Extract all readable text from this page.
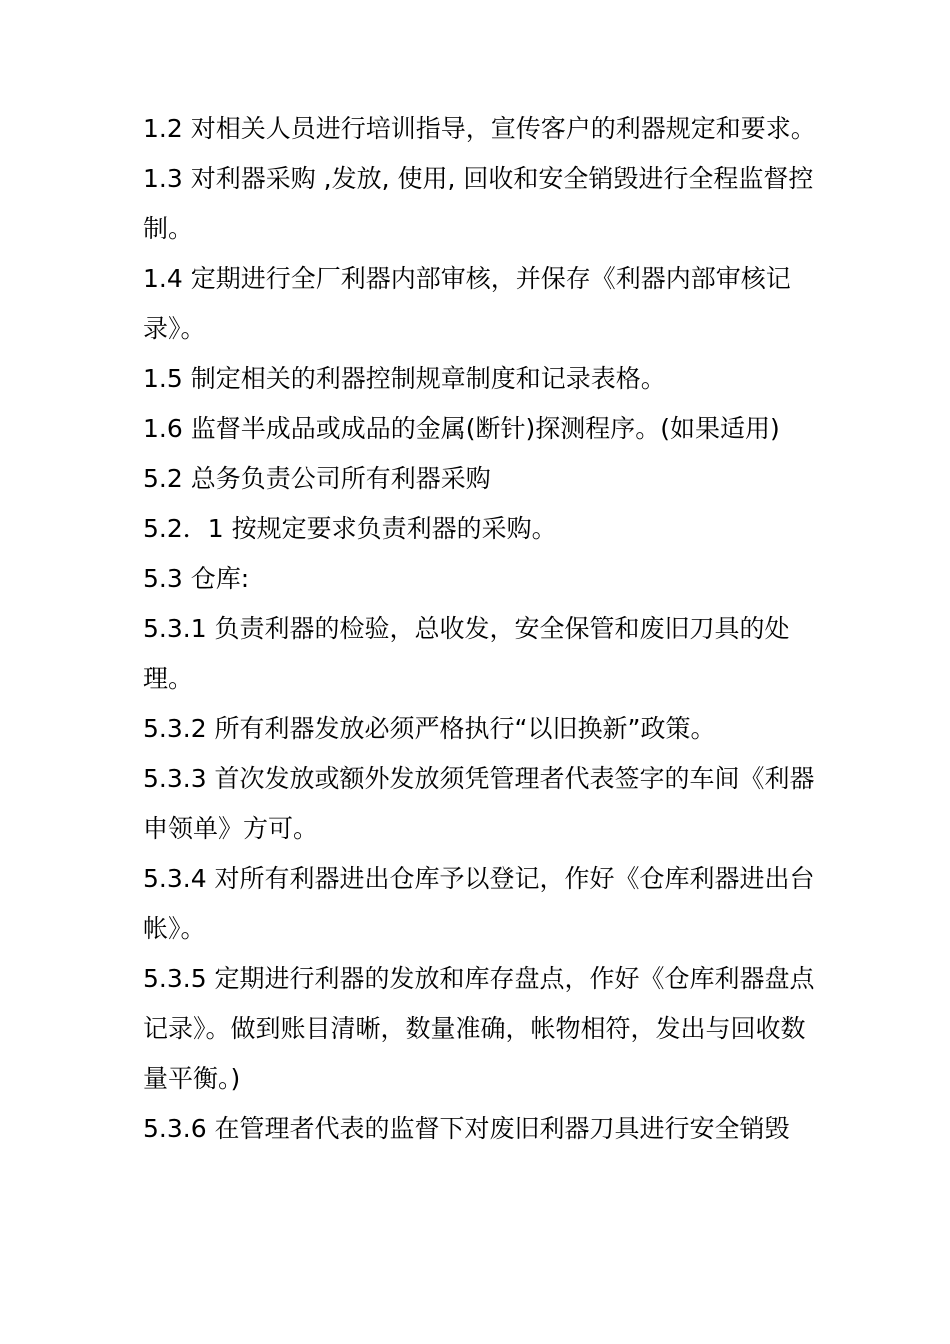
1.2 对相关人员进行培训指导，宣传客户的利器规定和要求。

1.3 对利器采购 ,发放, 使用, 回收和安全销毁进行全程监督控制。

1.4 定期进行全厂利器内部审核，并保存《利器内部审核记录》。

1.5 制定相关的利器控制规章制度和记录表格。

1.6 监督半成品或成品的金属(断针)探测程序。(如果适用)

5.2 总务负责公司所有利器采购

5.2．1 按规定要求负责利器的采购。

5.3 仓库:

5.3.1 负责利器的检验，总收发，安全保管和废旧刀具的处理。

5.3.2 所有利器发放必须严格执行“以旧换新”政策。

5.3.3 首次发放或额外发放须凭管理者代表签字的车间《利器申领单》方可。

5.3.4 对所有利器进出仓库予以登记，作好《仓库利器进出台帐》。

5.3.5 定期进行利器的发放和库存盘点，作好《仓库利器盘点记录》。做到账目清晰，数量准确，帐物相符，发出与回收数量平衡。)

5.3.6 在管理者代表的监督下对废旧利器刀具进行安全销毁
